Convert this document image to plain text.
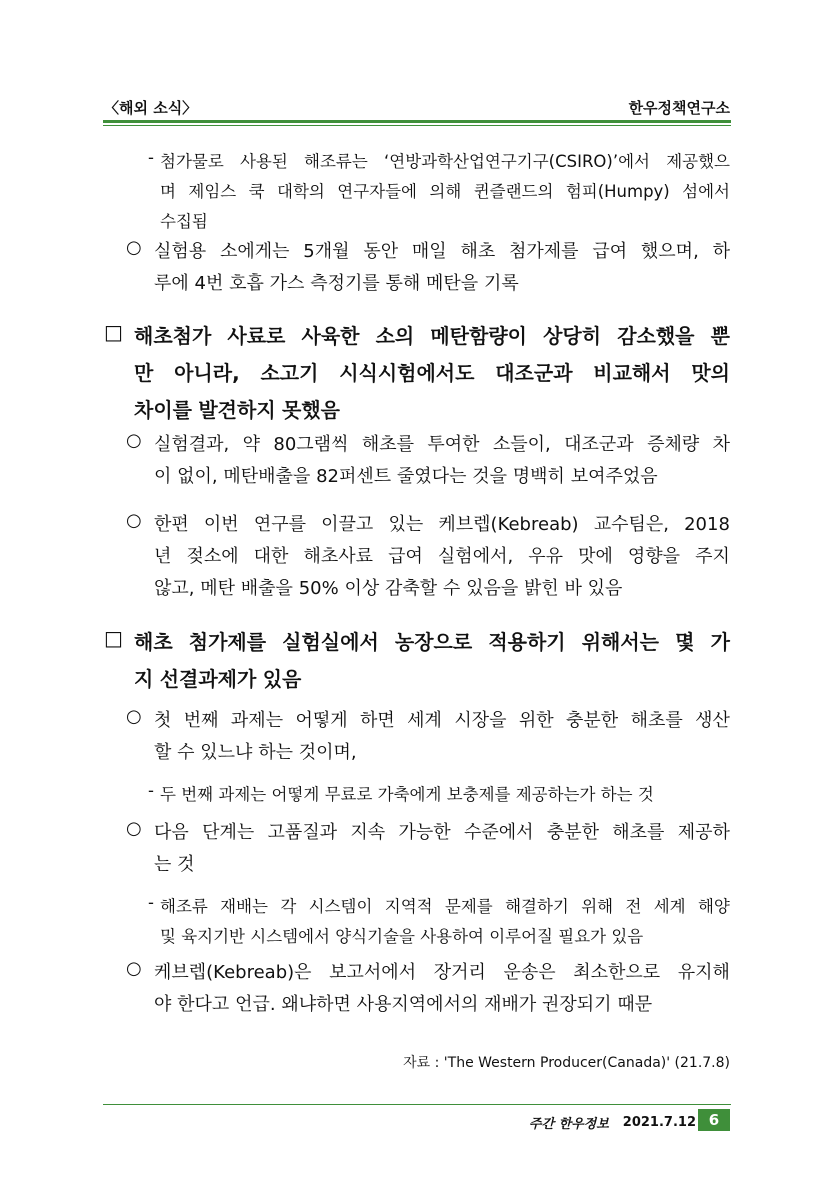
〈해외 소식〉	한우정책연구소
- 첨가물로 사용된 해조류는 ‘연방과학산업연구기구(CSIRO)’에서 제공했으
며 제임스 쿡 대학의 연구자들에 의해 퀸즐랜드의 험피(Humpy) 섬에서
수집됨
○ 실험용 소에게는 5개월 동안 매일 해초 첨가제를 급여 했으며, 하
루에 4번 호흡 가스 측정기를 통해 메탄을 기록
□ 해초첨가 사료로 사육한 소의 메탄함량이 상당히 감소했을 뿐
만 아니라, 소고기 시식시험에서도 대조군과 비교해서 맛의
차이를 발견하지 못했음
○ 실험결과, 약 80그램씩 해초를 투여한 소들이, 대조군과 증체량 차
이 없이, 메탄배출을 82퍼센트 줄였다는 것을 명백히 보여주었음
○ 한편 이번 연구를 이끌고 있는 케브렙(Kebreab) 교수팀은, 2018
년 젖소에 대한 해초사료 급여 실험에서, 우유 맛에 영향을 주지
않고, 메탄 배출을 50% 이상 감축할 수 있음을 밝힌 바 있음
□ 해초 첨가제를 실험실에서 농장으로 적용하기 위해서는 몇 가
지 선결과제가 있음
○ 첫 번째 과제는 어떻게 하면 세계 시장을 위한 충분한 해초를 생산
할 수 있느냐 하는 것이며,
- 두 번째 과제는 어떻게 무료로 가축에게 보충제를 제공하는가 하는 것
○ 다음 단계는 고품질과 지속 가능한 수준에서 충분한 해초를 제공하
는 것
- 해조류 재배는 각 시스템이 지역적 문제를 해결하기 위해 전 세계 해양
및 육지기반 시스템에서 양식기술을 사용하여 이루어질 필요가 있음
○ 케브렙(Kebreab)은 보고서에서 장거리 운송은 최소한으로 유지해
야 한다고 언급. 왜냐하면 사용지역에서의 재배가 권장되기 때문
자료 : 'The Western Producer(Canada)' (21.7.8)
주간 한우정보 2021.7.12 6
